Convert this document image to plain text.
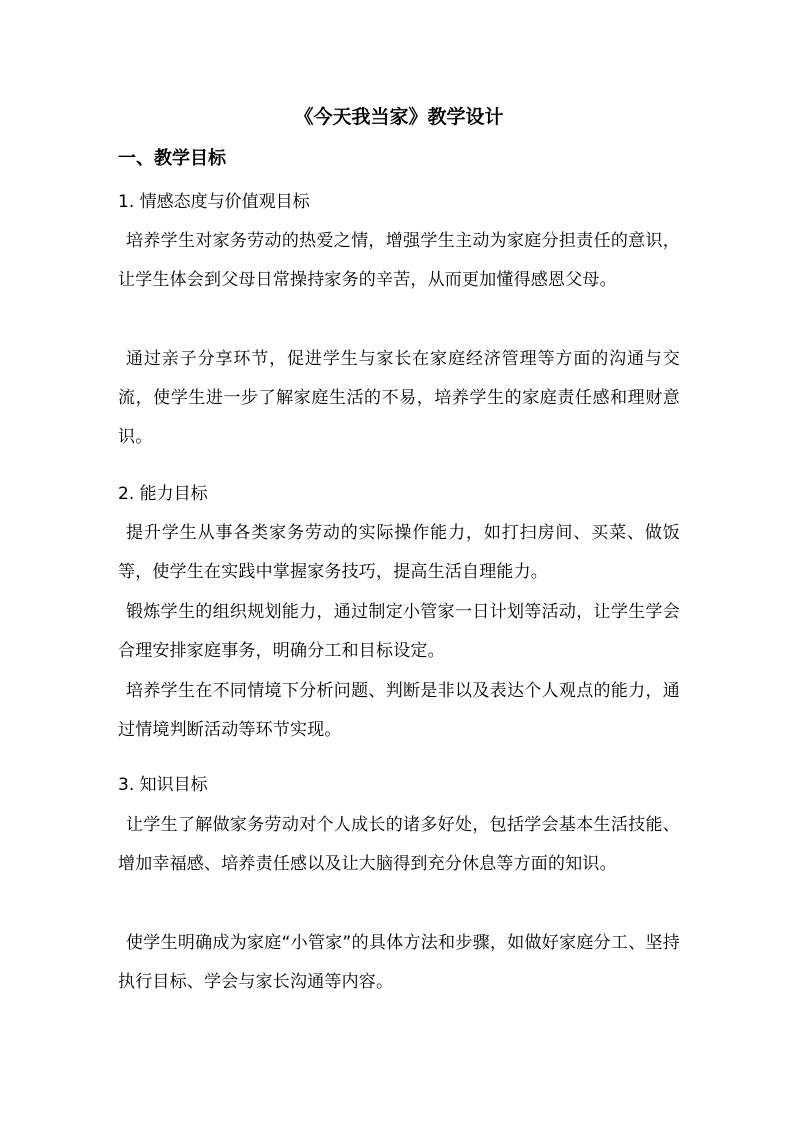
《今天我当家》教学设计
一、教学目标
1. 情感态度与价值观目标
培养学生对家务劳动的热爱之情，增强学生主动为家庭分担责任的意识，让学生体会到父母日常操持家务的辛苦，从而更加懂得感恩父母。
通过亲子分享环节，促进学生与家长在家庭经济管理等方面的沟通与交流，使学生进一步了解家庭生活的不易，培养学生的家庭责任感和理财意识。
2. 能力目标
提升学生从事各类家务劳动的实际操作能力，如打扫房间、买菜、做饭等，使学生在实践中掌握家务技巧，提高生活自理能力。
锻炼学生的组织规划能力，通过制定小管家一日计划等活动，让学生学会合理安排家庭事务，明确分工和目标设定。
培养学生在不同情境下分析问题、判断是非以及表达个人观点的能力，通过情境判断活动等环节实现。
3. 知识目标
让学生了解做家务劳动对个人成长的诸多好处，包括学会基本生活技能、增加幸福感、培养责任感以及让大脑得到充分休息等方面的知识。
使学生明确成为家庭“小管家”的具体方法和步骤，如做好家庭分工、坚持执行目标、学会与家长沟通等内容。
